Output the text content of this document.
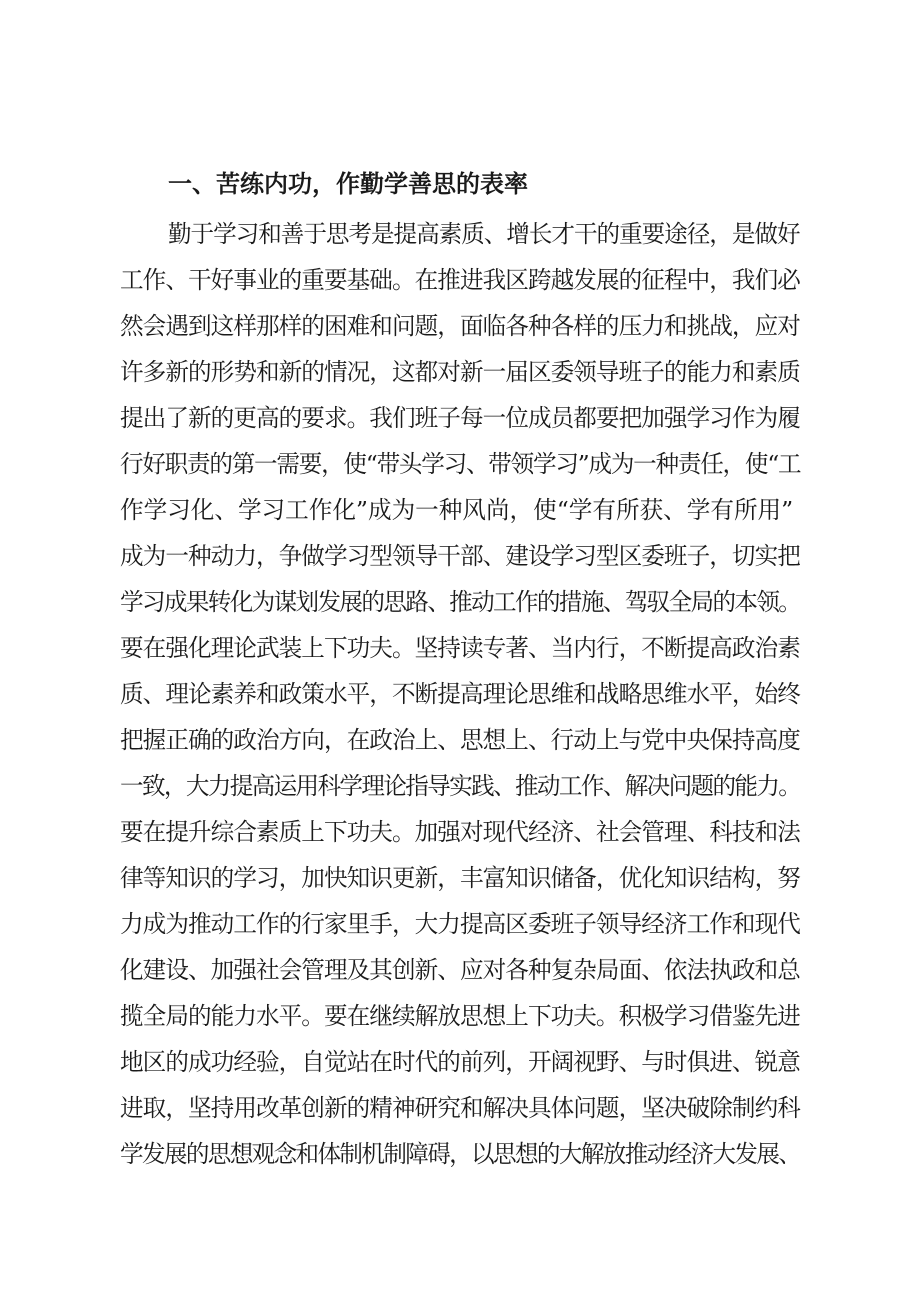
一、苦练内功，作勤学善思的表率
勤于学习和善于思考是提高素质、增长才干的重要途径，是做好
工作、干好事业的重要基础。在推进我区跨越发展的征程中，我们必
然会遇到这样那样的困难和问题，面临各种各样的压力和挑战，应对
许多新的形势和新的情况，这都对新一届区委领导班子的能力和素质
提出了新的更高的要求。我们班子每一位成员都要把加强学习作为履
行好职责的第一需要，使“带头学习、带领学习”成为一种责任，使“工
作学习化、学习工作化”成为一种风尚，使“学有所获、学有所用”
成为一种动力，争做学习型领导干部、建设学习型区委班子，切实把
学习成果转化为谋划发展的思路、推动工作的措施、驾驭全局的本领。
要在强化理论武装上下功夫。坚持读专著、当内行，不断提高政治素
质、理论素养和政策水平，不断提高理论思维和战略思维水平，始终
把握正确的政治方向，在政治上、思想上、行动上与党中央保持高度
一致，大力提高运用科学理论指导实践、推动工作、解决问题的能力。
要在提升综合素质上下功夫。加强对现代经济、社会管理、科技和法
律等知识的学习，加快知识更新，丰富知识储备，优化知识结构，努
力成为推动工作的行家里手，大力提高区委班子领导经济工作和现代
化建设、加强社会管理及其创新、应对各种复杂局面、依法执政和总
揽全局的能力水平。要在继续解放思想上下功夫。积极学习借鉴先进
地区的成功经验，自觉站在时代的前列，开阔视野、与时俱进、锐意
进取，坚持用改革创新的精神研究和解决具体问题，坚决破除制约科
学发展的思想观念和体制机制障碍，以思想的大解放推动经济大发展、
